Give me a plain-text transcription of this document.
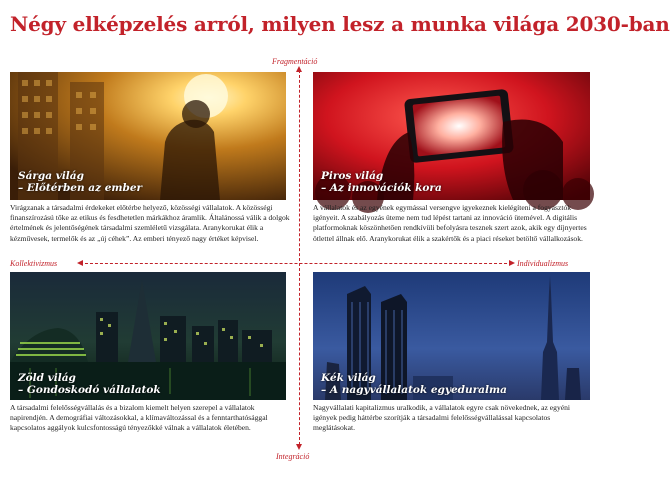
Négy elképzelés arról, milyen lesz a munka világa 2030-ban
Fragmentáció
Integráció
Kollektivizmus	Individualizmus
Sárga világ
– Előtérben az ember

Virágzanak a társadalmi érdekeket előtérbe helyező, közösségi vállalatok. A közösségi finanszírozású tőke az etikus és fesdhetetlen márkákhoz áramlik. Általánossá válik a dolgok értelmének és jelentőségének társadalmi szemléletű vizsgálata. Aranykorukat élik a kézművesek, termelők és az „új céhek”. Az emberi tényező nagy értéket képvisel.

Piros világ
– Az innovációk kora

A vállalatok és az egyének egymással versengve igyekeznek kielégíteni a fogyasztók igényeit. A szabályozás üteme nem tud lépést tartani az innováció ütemével. A digitális platformoknak köszönhetően rendkívüli befolyásra tesznek szert azok, akik egy díjnyertes ötlettel állnak elő. Aranykorukat élik a szakértők és a piaci réseket betöltő vállalkozások.

Zöld világ
– Gondoskodó vállalatok

A társadalmi felelősségvállalás és a bizalom kiemelt helyen szerepel a vállalatok napirendjén. A demográfiai változásokkal, a klímaváltozással és a fenntarthatósággal kapcsolatos aggályok kulcsfontosságú tényezőkké válnak a vállalatok életében.

Kék világ
– A nagyvállalatok egyeduralma

Nagyvállalati kapitalizmus uralkodik, a vállalatok egyre csak növekednek, az egyéni igények pedig háttérbe szorítják a társadalmi felelősségvállalással kapcsolatos meglátásokat.
